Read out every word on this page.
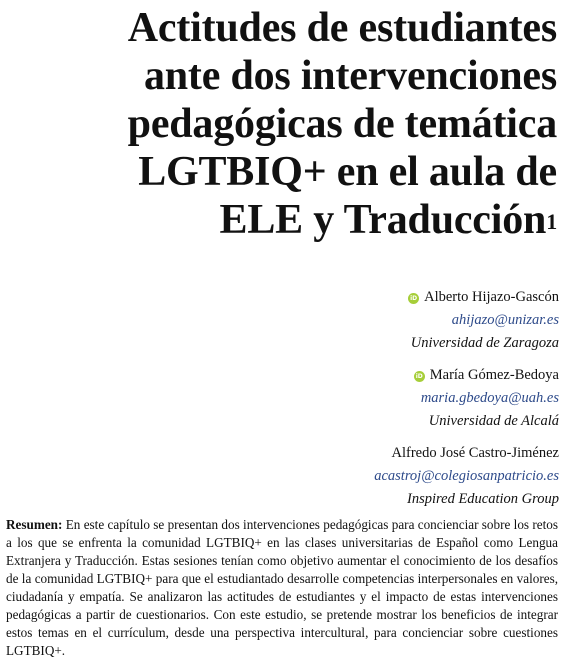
Actitudes de estudiantes
ante dos intervenciones
pedagógicas de temática
LGTBIQ+ en el aula de
ELE y Traducción$^1$
iD Alberto Hijazo-Gascón
ahijazo@unizar.es
Universidad de Zaragoza
iD María Gómez-Bedoya
maria.gbedoya@uah.es
Universidad de Alcalá
Alfredo José Castro-Jiménez
acastroj@colegiosanpatricio.es
Inspired Education Group

Resumen: En este capítulo se presentan dos intervenciones pedagógicas para concienciar sobre los retos a los que se enfrenta la comunidad LGTBIQ+ en las clases universitarias de Español como Lengua Extranjera y Traducción. Estas sesiones tenían como objetivo aumentar el conocimiento de los desafíos de la comunidad LGTBIQ+ para que el estudiantado desarrolle competencias interpersonales en valores, ciudadanía y empatía. Se analizaron las actitudes de estudiantes y el impacto de estas intervenciones pedagógicas a partir de cuestionarios. Con este estudio, se pretende mostrar los beneficios de integrar estos temas en el currículum, desde una perspectiva intercultural, para concienciar sobre cuestiones LGTBIQ+.
